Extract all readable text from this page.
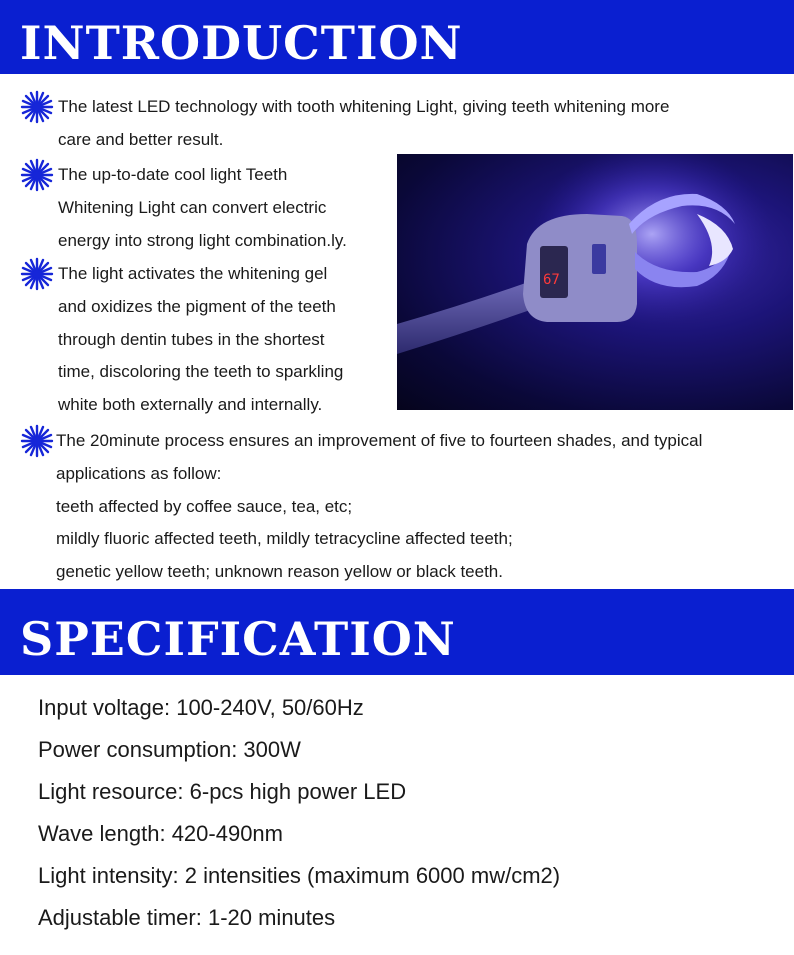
INTRODUCTION
The latest LED technology with tooth whitening Light, giving teeth whitening more
care and better result.
The up-to-date cool light Teeth
Whitening Light can convert electric
energy into strong light combination.ly.
The light activates the whitening gel
and oxidizes the pigment of the teeth
through dentin tubes in the shortest
time, discoloring the teeth to sparkling
white both externally and internally.
67
The 20minute process ensures an improvement of five to fourteen shades, and typical
applications as follow:
teeth affected by coffee sauce, tea, etc;
mildly fluoric affected teeth, mildly tetracycline affected teeth;
genetic yellow teeth; unknown reason yellow or black teeth.
SPECIFICATION
Input voltage: 100-240V, 50/60Hz
Power consumption: 300W
Light resource: 6-pcs high power LED
Wave length: 420-490nm
Light intensity: 2 intensities (maximum 6000 mw/cm2)
Adjustable timer: 1-20 minutes
